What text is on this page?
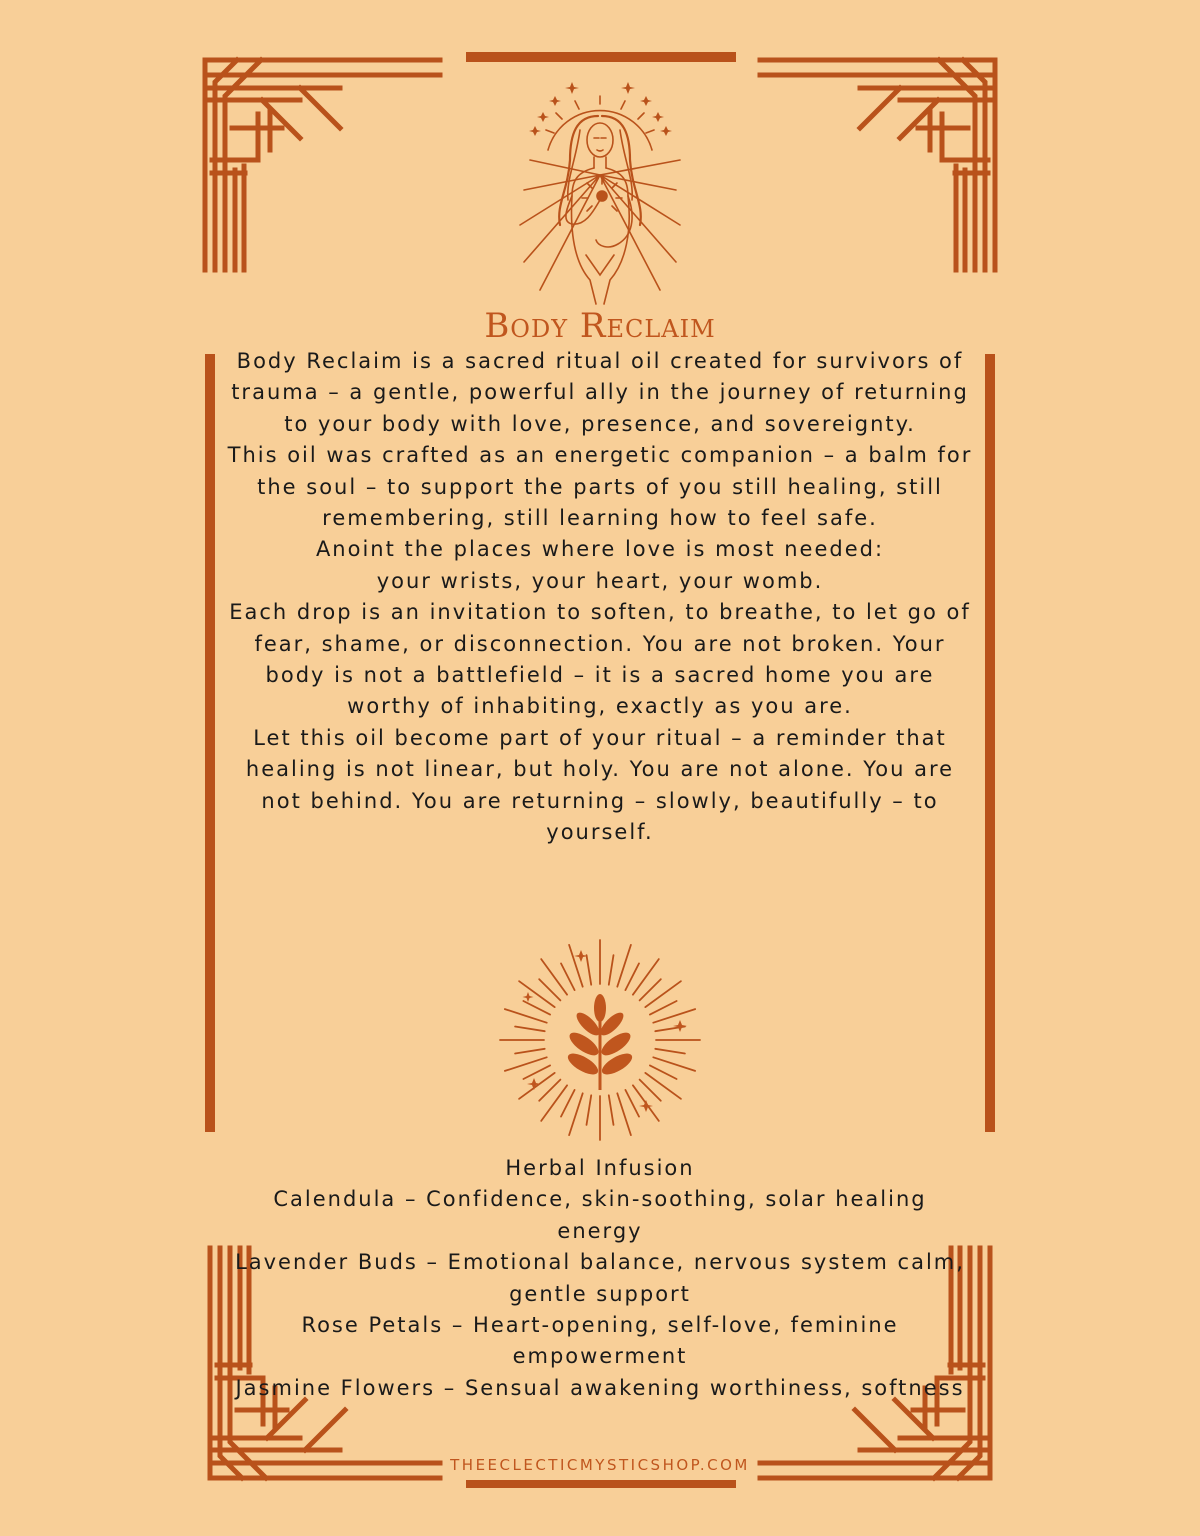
Body Reclaim

Body Reclaim is a sacred ritual oil created for survivors of trauma – a gentle, powerful ally in the journey of returning to your body with love, presence, and sovereignty.

This oil was crafted as an energetic companion – a balm for the soul – to support the parts of you still healing, still remembering, still learning how to feel safe.

Anoint the places where love is most needed:

your wrists, your heart, your womb.

Each drop is an invitation to soften, to breathe, to let go of fear, shame, or disconnection. You are not broken. Your body is not a battlefield – it is a sacred home you are worthy of inhabiting, exactly as you are.

Let this oil become part of your ritual – a reminder that healing is not linear, but holy. You are not alone. You are not behind. You are returning – slowly, beautifully – to yourself.

Herbal Infusion

Calendula – Confidence, skin-soothing, solar healing energy

Lavender Buds – Emotional balance, nervous system calm, gentle support

Rose Petals – Heart-opening, self-love, feminine empowerment

Jasmine Flowers – Sensual awakening worthiness, softness

THEECLECTICMYSTICSHOP.COM
